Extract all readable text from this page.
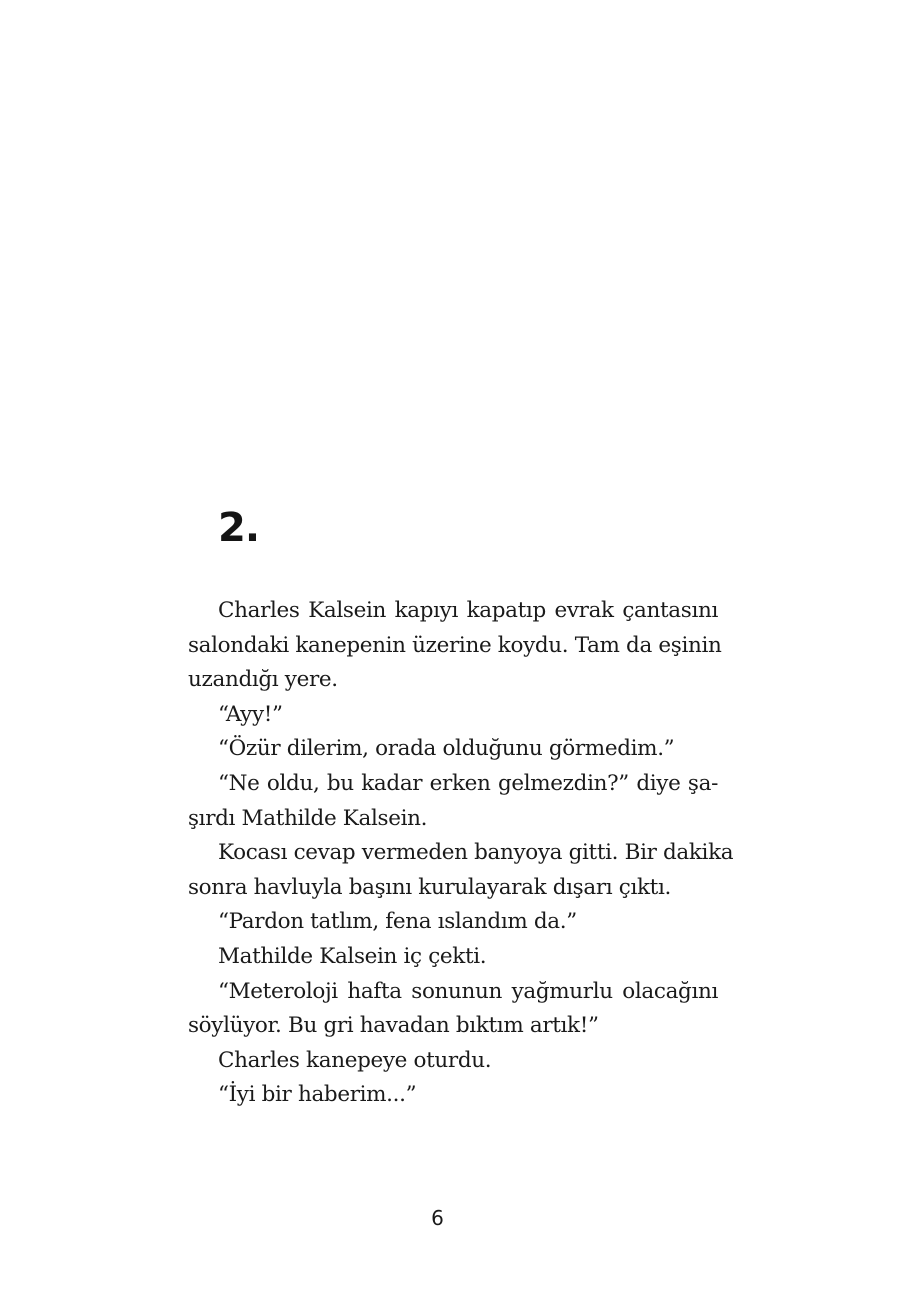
2.
Charles Kalsein kapıyı kapatıp evrak çantasını
salondaki kanepenin üzerine koydu. Tam da eşinin
uzandığı yere.
“Ayy!”
“Özür dilerim, orada olduğunu görmedim.”
“Ne oldu, bu kadar erken gelmezdin?” diye şa-
şırdı Mathilde Kalsein.
Kocası cevap vermeden banyoya gitti. Bir dakika
sonra havluyla başını kurulayarak dışarı çıktı.
“Pardon tatlım, fena ıslandım da.”
Mathilde Kalsein iç çekti.
“Meteroloji hafta sonunun yağmurlu olacağını
söylüyor. Bu gri havadan bıktım artık!”
Charles kanepeye oturdu.
“İyi bir haberim...”
6
